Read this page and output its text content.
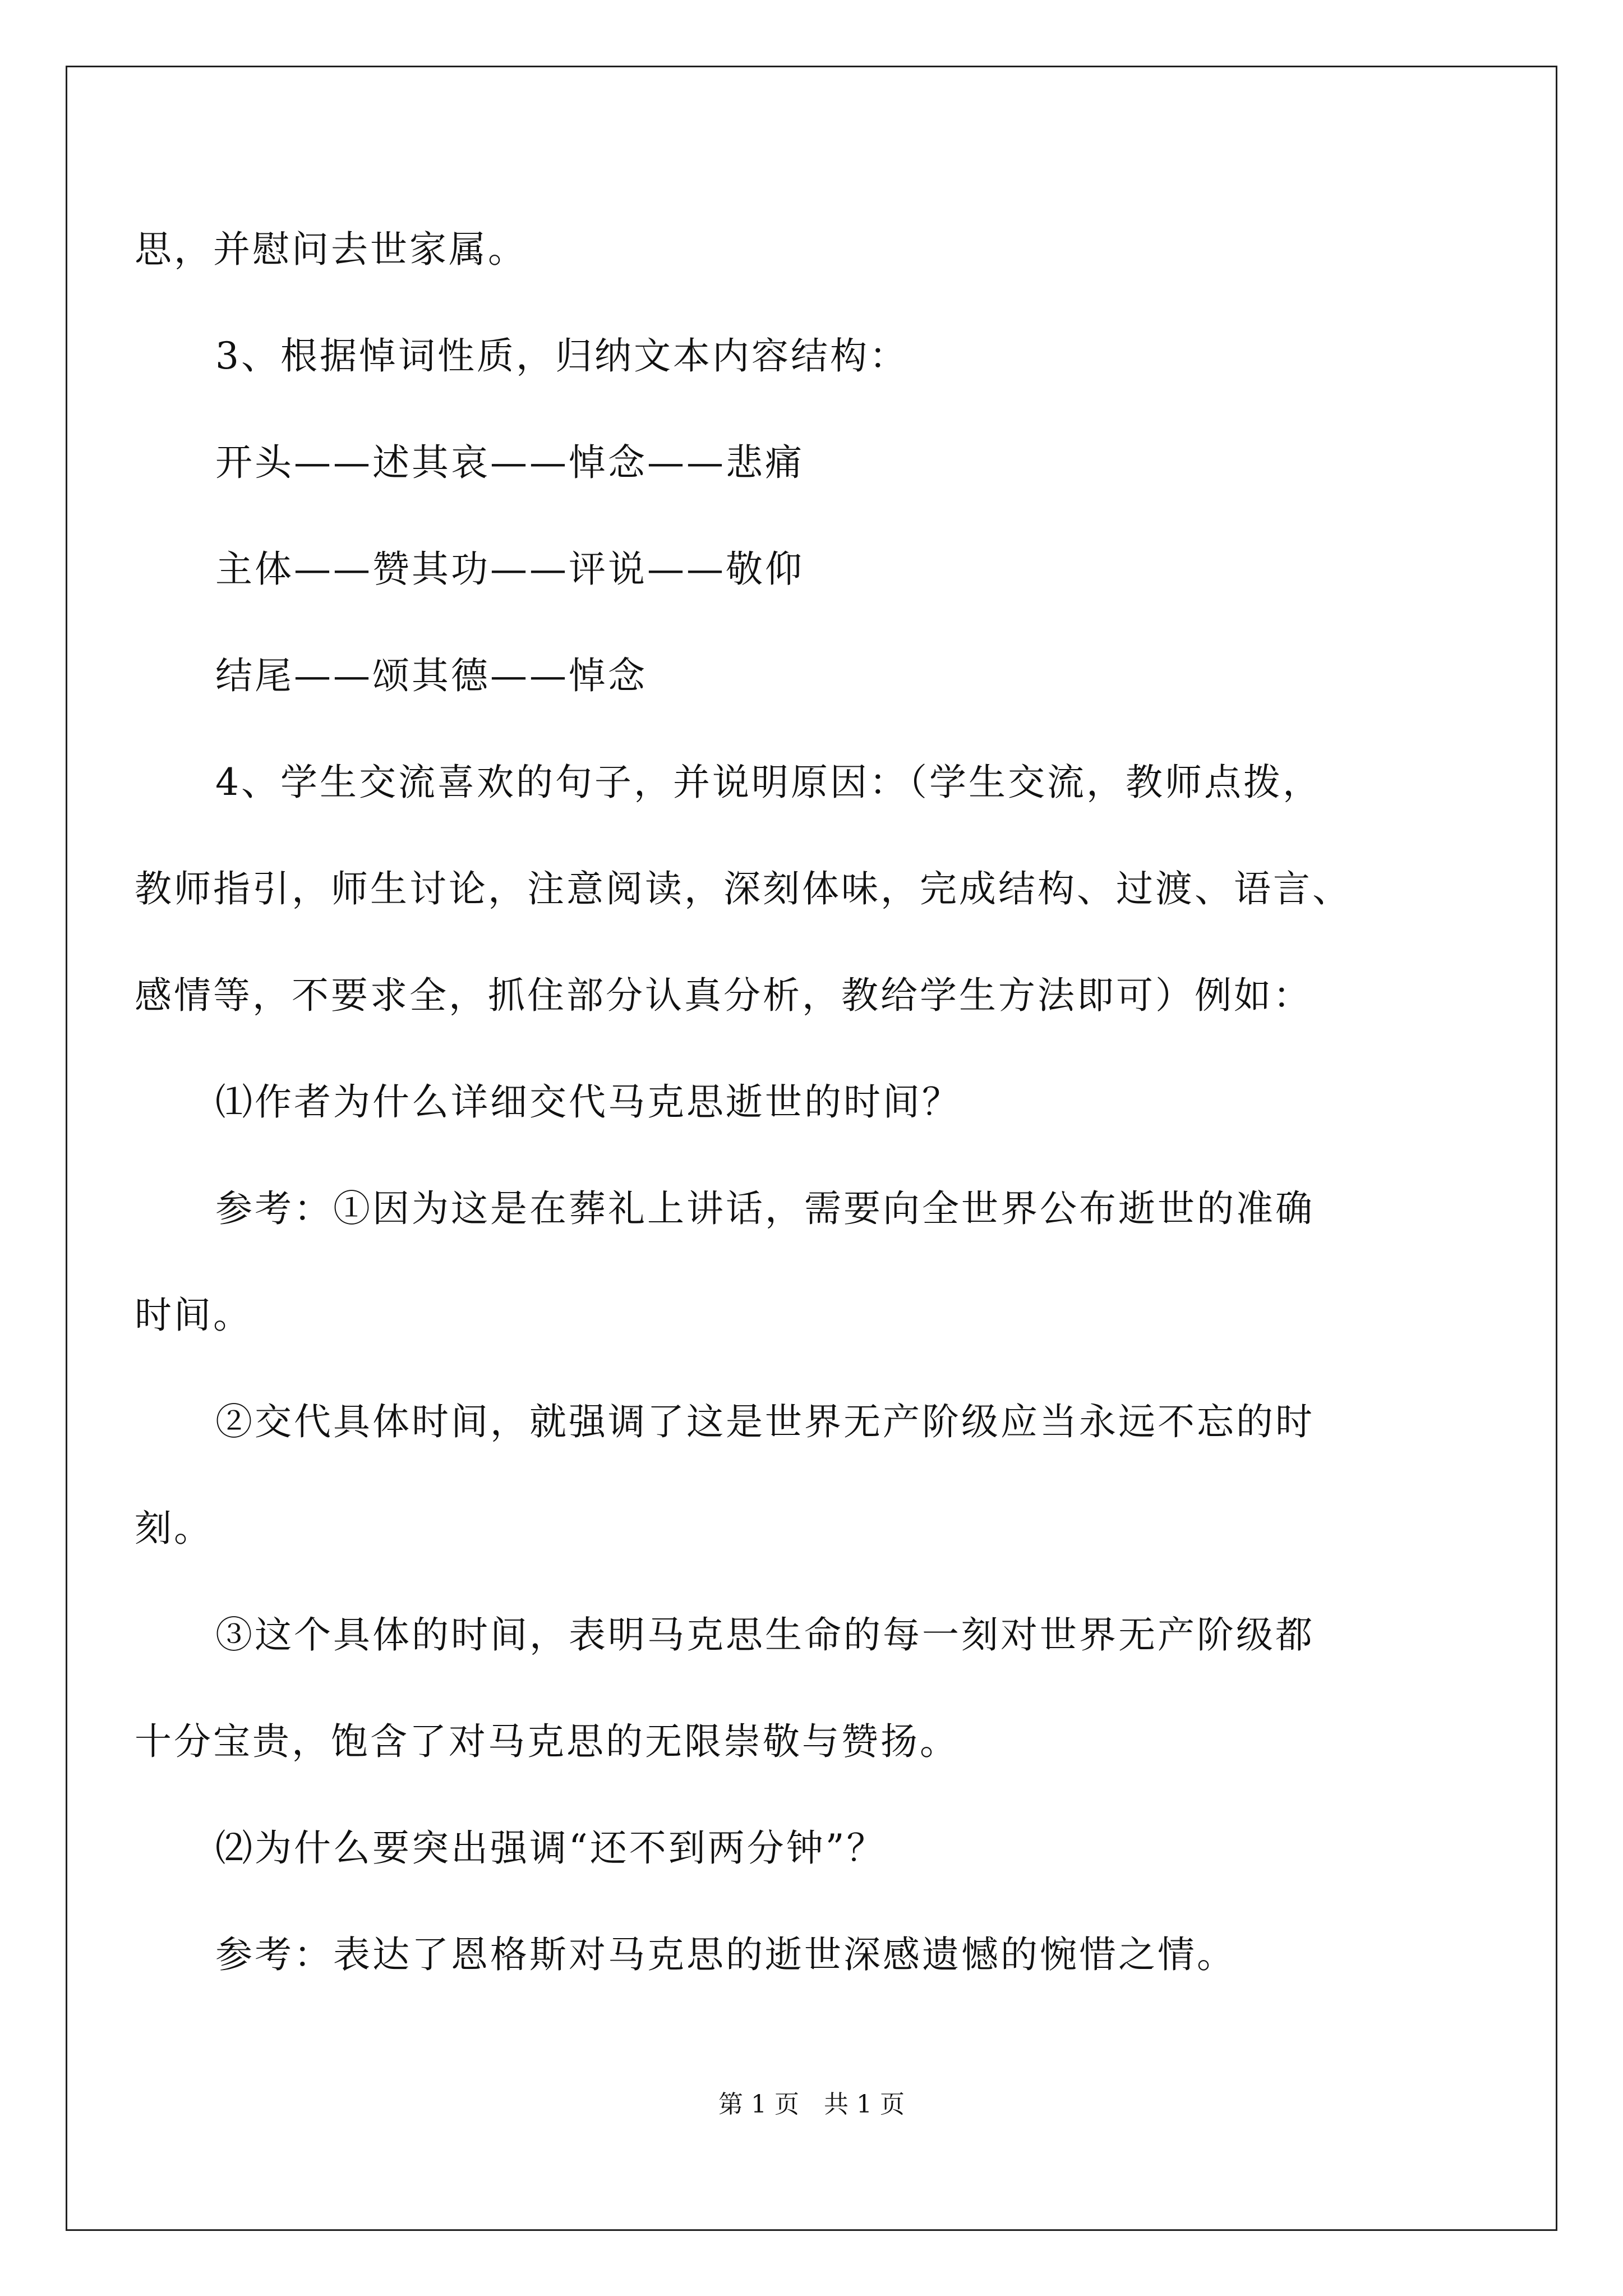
思，并慰问去世家属。
3、根据悼词性质，归纳文本内容结构：
开头——述其哀——悼念——悲痛
主体——赞其功——评说——敬仰
结尾——颂其德——悼念
4、学生交流喜欢的句子，并说明原因：（学生交流，教师点拨，
教师指引，师生讨论，注意阅读，深刻体味，完成结构、过渡、语言、
感情等，不要求全，抓住部分认真分析，教给学生方法即可）例如：
⑴作者为什么详细交代马克思逝世的时间？
参考：①因为这是在葬礼上讲话，需要向全世界公布逝世的准确
时间。
②交代具体时间，就强调了这是世界无产阶级应当永远不忘的时
刻。
③这个具体的时间，表明马克思生命的每一刻对世界无产阶级都
十分宝贵，饱含了对马克思的无限崇敬与赞扬。
⑵为什么要突出强调“还不到两分钟”？
参考：表达了恩格斯对马克思的逝世深感遗憾的惋惜之情。
第 1 页　共 1 页
